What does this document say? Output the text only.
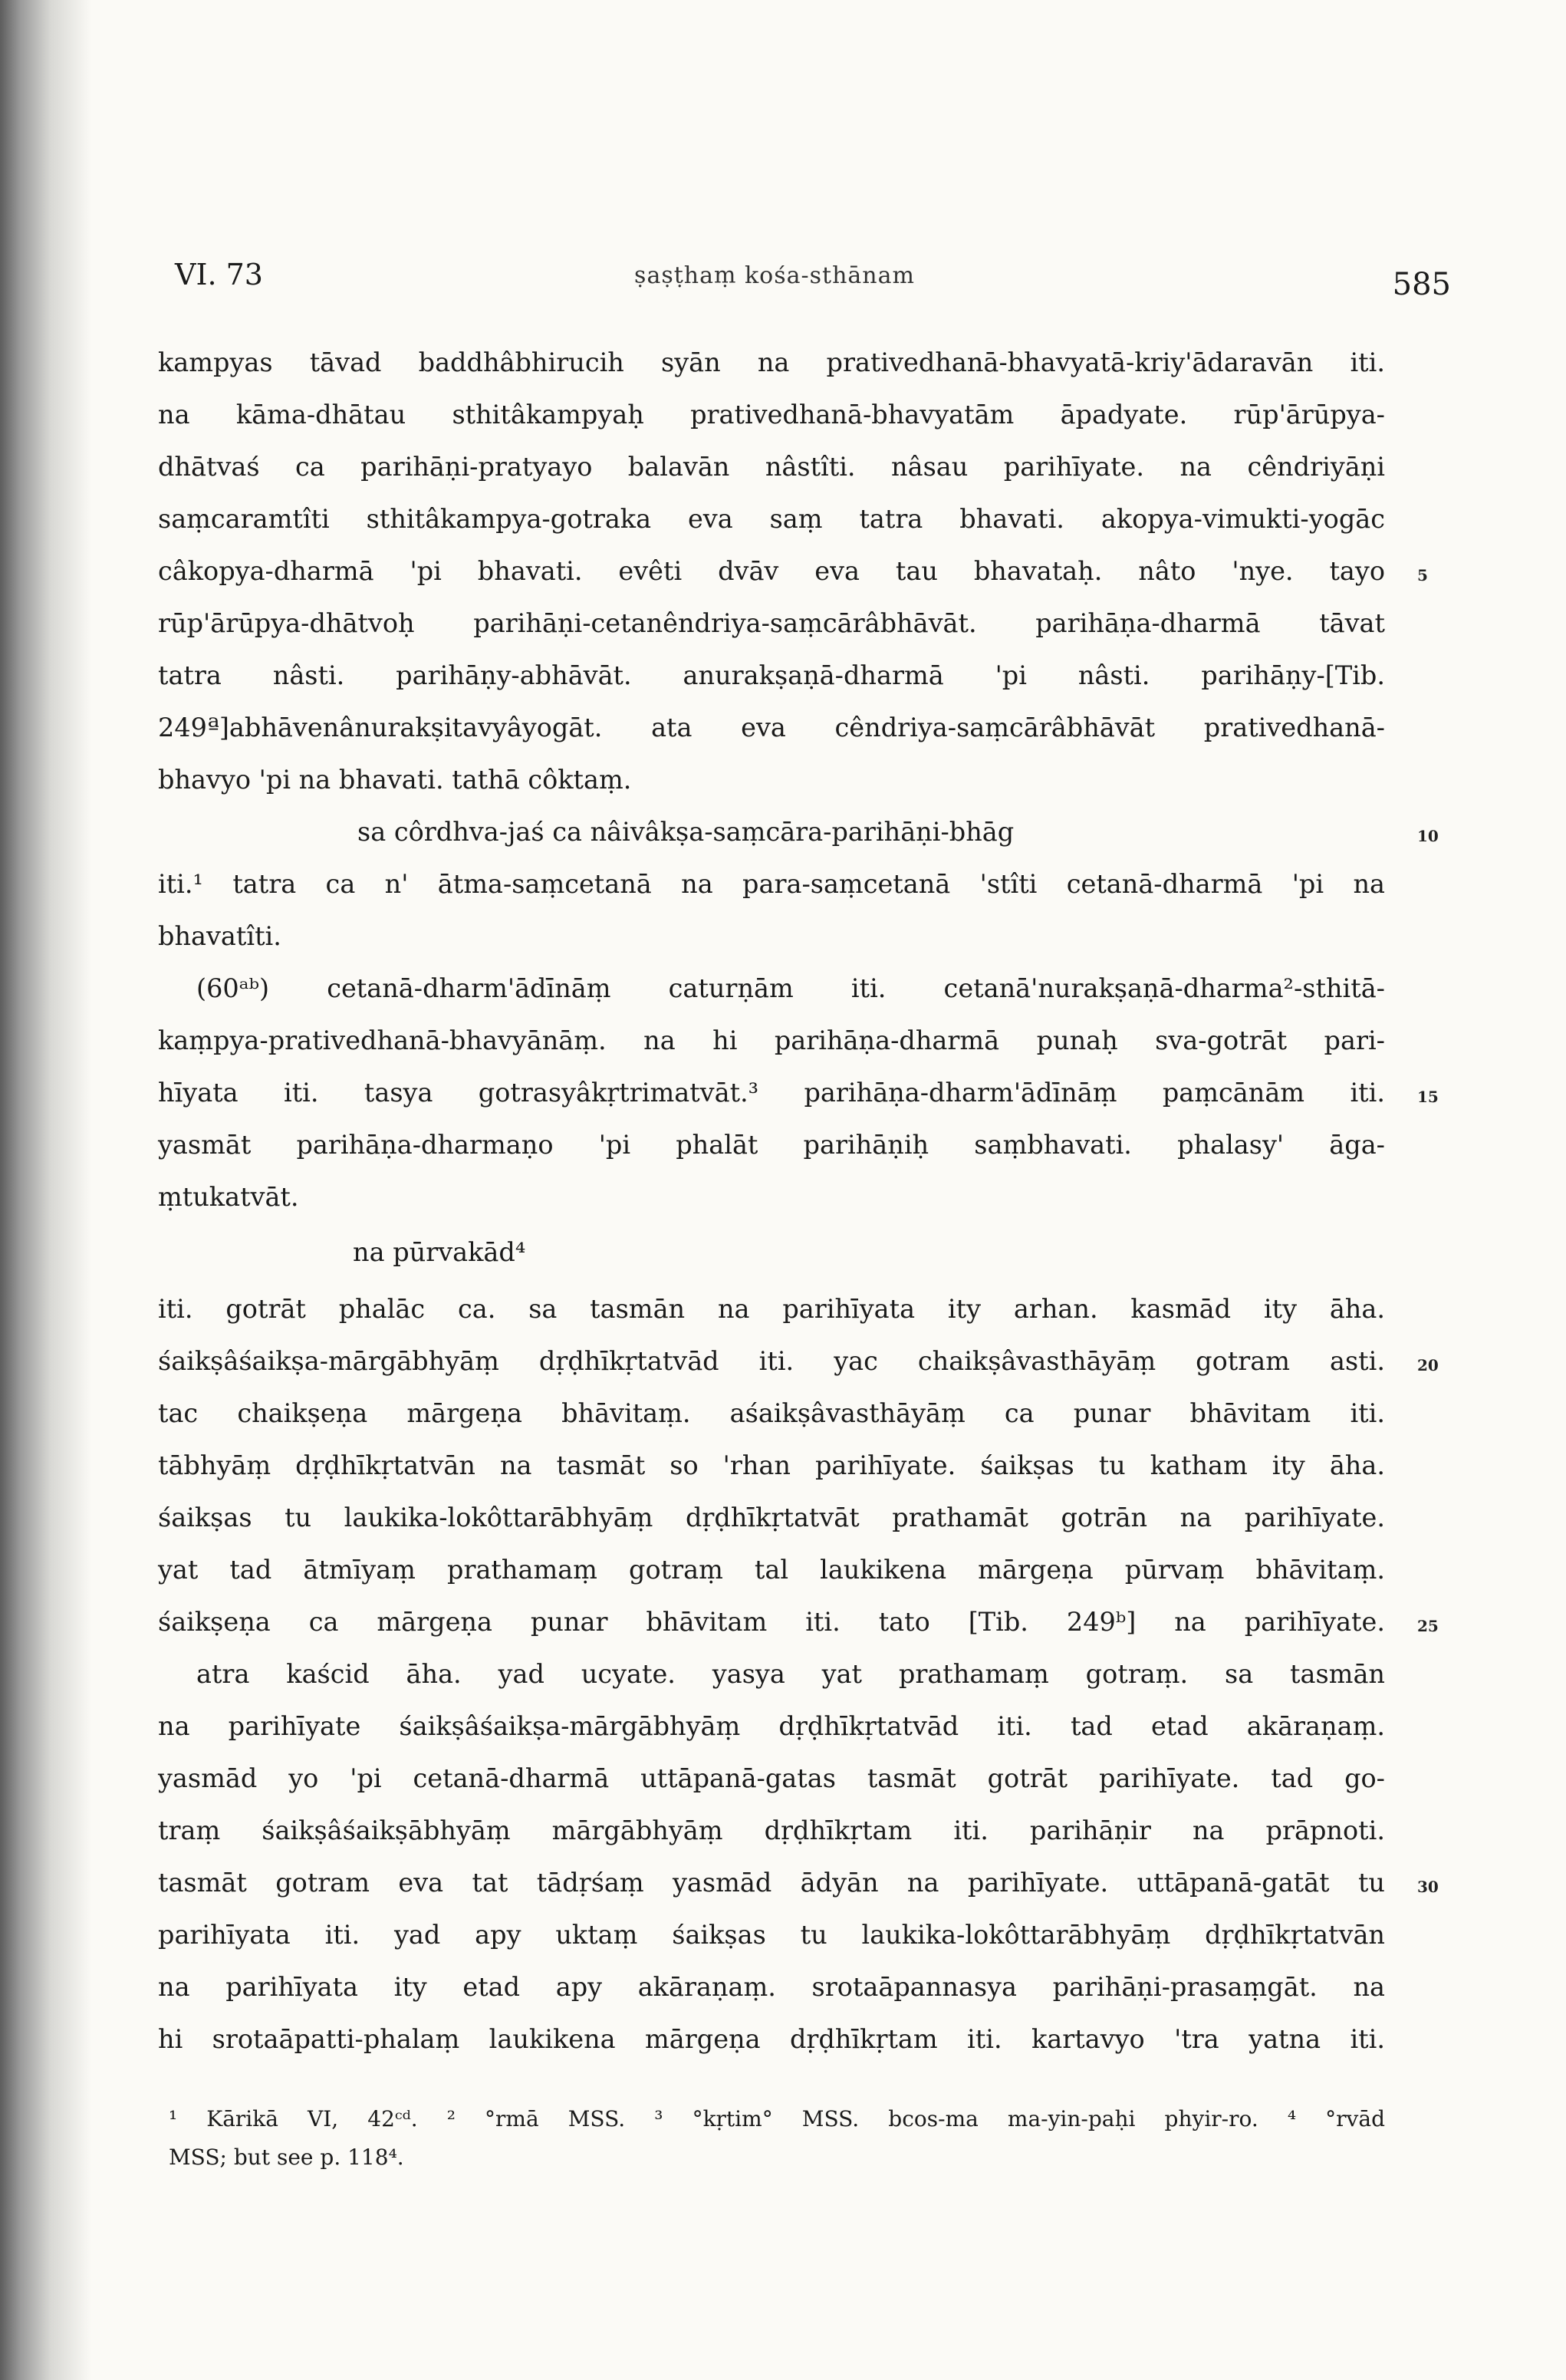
VI. 73	ṣaṣṭhaṃ kośa-sthānam	585
kampyas tāvad baddhâbhirucih syān na prativedhanā-bhavyatā-kriy'ādaravān iti.
na kāma-dhātau sthitâkampyaḥ prativedhanā-bhavyatām āpadyate. rūp'ārūpya-
dhātvaś ca parihāṇi-pratyayo balavān nâstîti. nâsau parihīyate. na cêndriyāṇi
saṃcaramtîti sthitâkampya-gotraka eva saṃ tatra bhavati. akopya-vimukti-yogāc
câkopya-dharmā 'pi bhavati. evêti dvāv eva tau bhavataḥ. nâto 'nye. tayo 5
rūp'ārūpya-dhātvoḥ parihāṇi-cetanêndriya-saṃcārâbhāvāt. parihāṇa-dharmā tāvat
tatra nâsti. parihāṇy-abhāvāt. anurakṣaṇā-dharmā 'pi nâsti. parihāṇy-[Tib.
249ª]abhāvenânurakṣitavyâyogāt. ata eva cêndriya-saṃcārâbhāvāt prativedhanā-
bhavyo 'pi na bhavati. tathā côktaṃ.
sa côrdhva-jaś ca nâivâkṣa-saṃcāra-parihāṇi-bhāg	10
iti.¹ tatra ca n' ātma-saṃcetanā na para-saṃcetanā 'stîti cetanā-dharmā 'pi na
bhavatîti.
(60ᵃᵇ) cetanā-dharm'ādīnāṃ caturṇām iti. cetanā'nurakṣaṇā-dharma²-sthitā-
kaṃpya-prativedhanā-bhavyānāṃ. na hi parihāṇa-dharmā punaḥ sva-gotrāt pari-
hīyata iti. tasya gotrasyâkṛtrimatvāt.³ parihāṇa-dharm'ādīnāṃ paṃcānām iti. 15
yasmāt parihāṇa-dharmaṇo 'pi phalāt parihāṇiḥ saṃbhavati. phalasy' āga-
ṃtukatvāt.
na pūrvakād⁴
iti. gotrāt phalāc ca. sa tasmān na parihīyata ity arhan. kasmād ity āha.
śaikṣâśaikṣa-mārgābhyāṃ dṛḍhīkṛtatvād iti. yac chaikṣâvasthāyāṃ gotram asti. 20
tac chaikṣeṇa mārgeṇa bhāvitaṃ. aśaikṣâvasthāyāṃ ca punar bhāvitam iti.
tābhyāṃ dṛḍhīkṛtatvān na tasmāt so 'rhan parihīyate. śaikṣas tu katham ity āha.
śaikṣas tu laukika-lokôttarābhyāṃ dṛḍhīkṛtatvāt prathamāt gotrān na parihīyate.
yat tad ātmīyaṃ prathamaṃ gotraṃ tal laukikena mārgeṇa pūrvaṃ bhāvitaṃ.
śaikṣeṇa ca mārgeṇa punar bhāvitam iti. tato [Tib. 249ᵇ] na parihīyate. 25
atra kaścid āha. yad ucyate. yasya yat prathamaṃ gotraṃ. sa tasmān
na parihīyate śaikṣâśaikṣa-mārgābhyāṃ dṛḍhīkṛtatvād iti. tad etad akāraṇaṃ.
yasmād yo 'pi cetanā-dharmā uttāpanā-gatas tasmāt gotrāt parihīyate. tad go-
traṃ śaikṣâśaikṣābhyāṃ mārgābhyāṃ dṛḍhīkṛtam iti. parihāṇir na prāpnoti.
tasmāt gotram eva tat tādṛśaṃ yasmād ādyān na parihīyate. uttāpanā-gatāt tu 30
parihīyata iti. yad apy uktaṃ śaikṣas tu laukika-lokôttarābhyāṃ dṛḍhīkṛtatvān
na parihīyata ity etad apy akāraṇaṃ. srotaāpannasya parihāṇi-prasaṃgāt. na
hi srotaāpatti-phalaṃ laukikena mārgeṇa dṛḍhīkṛtam iti. kartavyo 'tra yatna iti.
¹ Kārikā VI, 42ᶜᵈ. ² °rmā MSS. ³ °kṛtim° MSS. bcos-ma ma-yin-paḥi phyir-ro. ⁴ °rvād
MSS; but see p. 118⁴.
